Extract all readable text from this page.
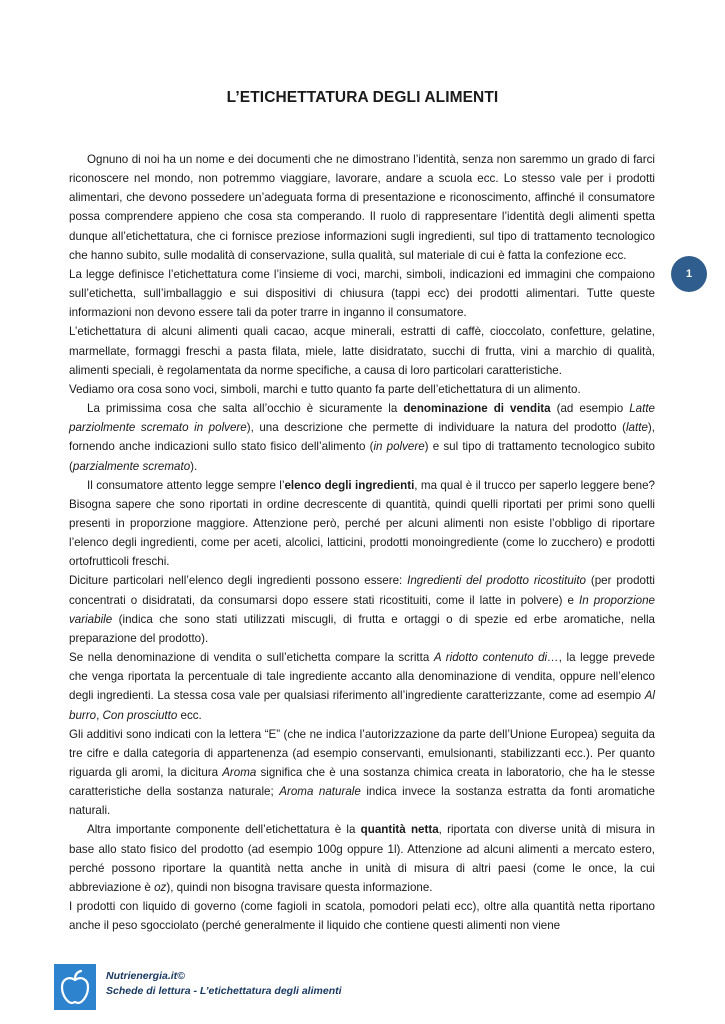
L’ETICHETTATURA DEGLI ALIMENTI

Ognuno di noi ha un nome e dei documenti che ne dimostrano l’identità, senza non saremmo un grado di farci riconoscere nel mondo, non potremmo viaggiare, lavorare, andare a scuola ecc. Lo stesso vale per i prodotti alimentari, che devono possedere un’adeguata forma di presentazione e riconoscimento, affinché il consumatore possa comprendere appieno che cosa sta comperando. Il ruolo di rappresentare l’identità degli alimenti spetta dunque all’etichettatura, che ci fornisce preziose informazioni sugli ingredienti, sul tipo di trattamento tecnologico che hanno subito, sulle modalità di conservazione, sulla qualità, sul materiale di cui è fatta la confezione ecc.

La legge definisce l’etichettatura come l’insieme di voci, marchi, simboli, indicazioni ed immagini che compaiono sull’etichetta, sull’imballaggio e sui dispositivi di chiusura (tappi ecc) dei prodotti alimentari. Tutte queste informazioni non devono essere tali da poter trarre in inganno il consumatore.

L’etichettatura di alcuni alimenti quali cacao, acque minerali, estratti di caffè, cioccolato, confetture, gelatine, marmellate, formaggi freschi a pasta filata, miele, latte disidratato, succhi di frutta, vini a marchio di qualità, alimenti speciali, è regolamentata da norme specifiche, a causa di loro particolari caratteristiche.

Vediamo ora cosa sono voci, simboli, marchi e tutto quanto fa parte dell’etichettatura di un alimento.

La primissima cosa che salta all’occhio è sicuramente la denominazione di vendita (ad esempio Latte parziolmente scremato in polvere), una descrizione che permette di individuare la natura del prodotto (latte), fornendo anche indicazioni sullo stato fisico dell’alimento (in polvere) e sul tipo di trattamento tecnologico subito (parzialmente scremato).

Il consumatore attento legge sempre l’elenco degli ingredienti, ma qual è il trucco per saperlo leggere bene? Bisogna sapere che sono riportati in ordine decrescente di quantità, quindi quelli riportati per primi sono quelli presenti in proporzione maggiore. Attenzione però, perché per alcuni alimenti non esiste l’obbligo di riportare l’elenco degli ingredienti, come per aceti, alcolici, latticini, prodotti monoingrediente (come lo zucchero) e prodotti ortofrutticoli freschi.

Diciture particolari nell’elenco degli ingredienti possono essere: Ingredienti del prodotto ricostituito (per prodotti concentrati o disidratati, da consumarsi dopo essere stati ricostituiti, come il latte in polvere) e In proporzione variabile (indica che sono stati utilizzati miscugli, di frutta e ortaggi o di spezie ed erbe aromatiche, nella preparazione del prodotto).

Se nella denominazione di vendita o sull’etichetta compare la scritta A ridotto contenuto di…, la legge prevede che venga riportata la percentuale di tale ingrediente accanto alla denominazione di vendita, oppure nell’elenco degli ingredienti. La stessa cosa vale per qualsiasi riferimento all’ingrediente caratterizzante, come ad esempio Al burro, Con prosciutto ecc.

Gli additivi sono indicati con la lettera “E” (che ne indica l’autorizzazione da parte dell’Unione Europea) seguita da tre cifre e dalla categoria di appartenenza (ad esempio conservanti, emulsionanti, stabilizzanti ecc.). Per quanto riguarda gli aromi, la dicitura Aroma significa che è una sostanza chimica creata in laboratorio, che ha le stesse caratteristiche della sostanza naturale; Aroma naturale indica invece la sostanza estratta da fonti aromatiche naturali.

Altra importante componente dell’etichettatura è la quantità netta, riportata con diverse unità di misura in base allo stato fisico del prodotto (ad esempio 100g oppure 1l). Attenzione ad alcuni alimenti a mercato estero, perché possono riportare la quantità netta anche in unità di misura di altri paesi (come le once, la cui abbreviazione è oz), quindi non bisogna travisare questa informazione.

I prodotti con liquido di governo (come fagioli in scatola, pomodori pelati ecc), oltre alla quantità netta riportano anche il peso sgocciolato (perché generalmente il liquido che contiene questi alimenti non viene

1
Nutrienergia.it©
Schede di lettura - L’etichettatura degli alimenti
